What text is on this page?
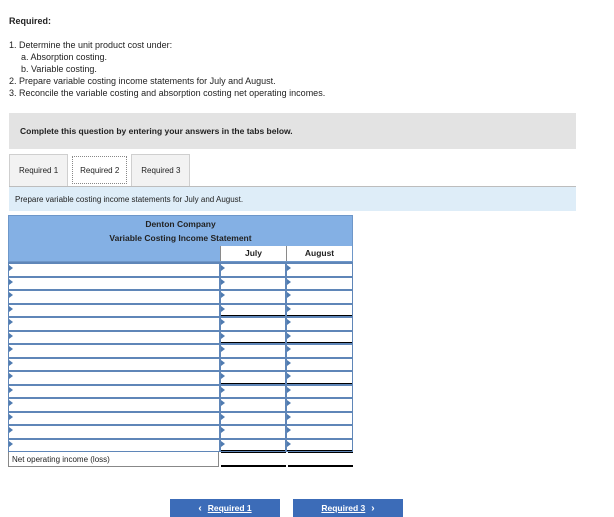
Required:
1. Determine the unit product cost under:
a. Absorption costing.
b. Variable costing.
2. Prepare variable costing income statements for July and August.
3. Reconcile the variable costing and absorption costing net operating incomes.
Complete this question by entering your answers in the tabs below.
Required 1	Required 2	Required 3
Prepare variable costing income statements for July and August.
Denton Company
Variable Costing Income Statement
July	August
Net operating income (loss)
‹ Required 1	Required 3 ›
